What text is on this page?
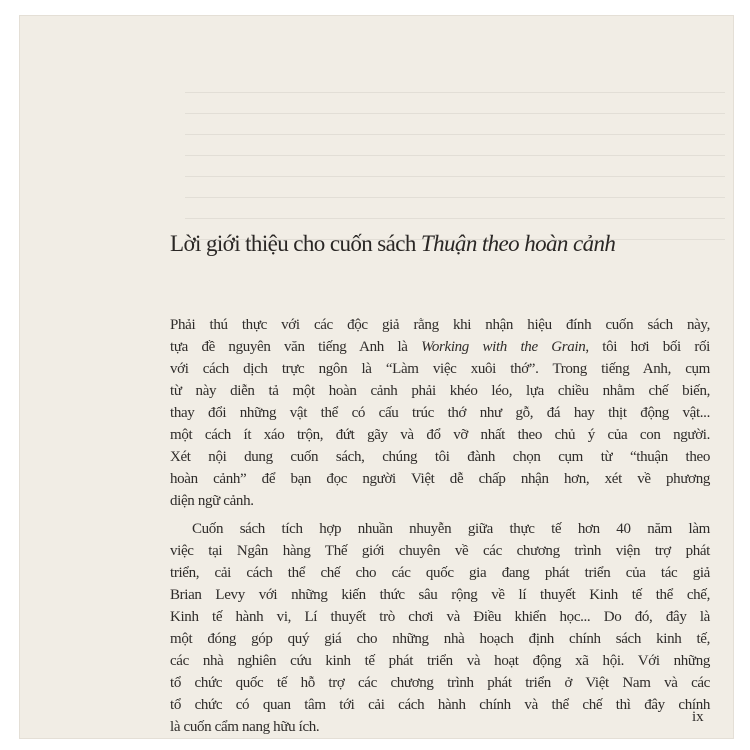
Lời giới thiệu cho cuốn sách Thuận theo hoàn cảnh
Phải thú thực với các độc giả rằng khi nhận hiệu đính cuốn sách này,
tựa đề nguyên văn tiếng Anh là Working with the Grain, tôi hơi bối rối
với cách dịch trực ngôn là “Làm việc xuôi thớ”. Trong tiếng Anh, cụm
từ này diễn tả một hoàn cảnh phải khéo léo, lựa chiều nhằm chế biến,
thay đổi những vật thể có cấu trúc thớ như gỗ, đá hay thịt động vật...
một cách ít xáo trộn, đứt gãy và đổ vỡ nhất theo chủ ý của con người.
Xét nội dung cuốn sách, chúng tôi đành chọn cụm từ “thuận theo
hoàn cảnh” để bạn đọc người Việt dễ chấp nhận hơn, xét về phương
diện ngữ cảnh.
Cuốn sách tích hợp nhuần nhuyễn giữa thực tế hơn 40 năm làm
việc tại Ngân hàng Thế giới chuyên về các chương trình viện trợ phát
triển, cải cách thể chế cho các quốc gia đang phát triển của tác giả
Brian Levy với những kiến thức sâu rộng về lí thuyết Kinh tế thể chế,
Kinh tế hành vi, Lí thuyết trò chơi và Điều khiển học... Do đó, đây là
một đóng góp quý giá cho những nhà hoạch định chính sách kinh tế,
các nhà nghiên cứu kinh tế phát triển và hoạt động xã hội. Với những
tổ chức quốc tế hỗ trợ các chương trình phát triển ở Việt Nam và các
tổ chức có quan tâm tới cải cách hành chính và thể chế thì đây chính
là cuốn cẩm nang hữu ích.
ix
